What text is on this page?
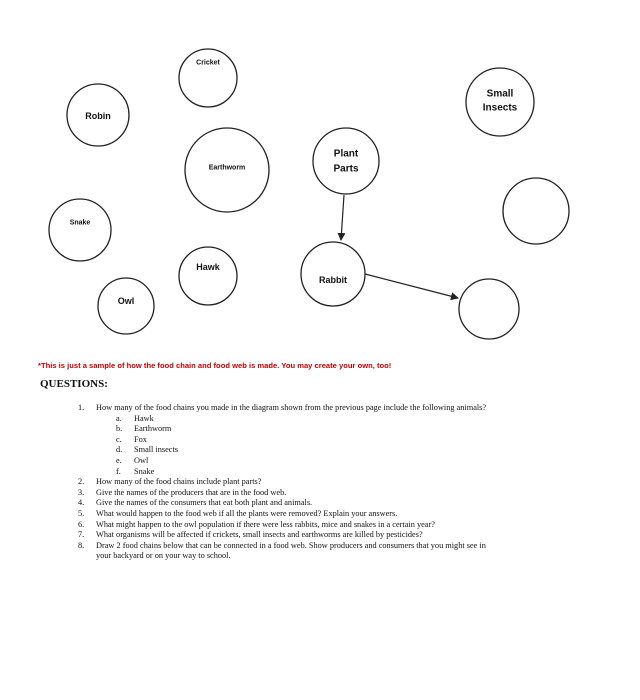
Cricket
Robin
Small
Insects
Earthworm
Plant
Parts
Snake
Hawk
Rabbit
Owl
*This is just a sample of how the food chain and food web is made. You may create your own, too!
QUESTIONS:
1.	How many of the food chains you made in the diagram shown from the previous page include the following animals?
a.	Hawk
b.	Earthworm
c.	Fox
d.	Small insects
e.	Owl
f.	Snake
2.	How many of the food chains include plant parts?
3.	Give the names of the producers that are in the food web.
4.	Give the names of the consumers that eat both plant and animals.
5.	What would happen to the food web if all the plants were removed? Explain your answers.
6.	What might happen to the owl population if there were less rabbits, mice and snakes in a certain year?
7.	What organisms will be affected if crickets, small insects and earthworms are killed by pesticides?
8.	Draw 2 food chains below that can be connected in a food web. Show producers and consumers that you might see in
your backyard or on your way to school.
